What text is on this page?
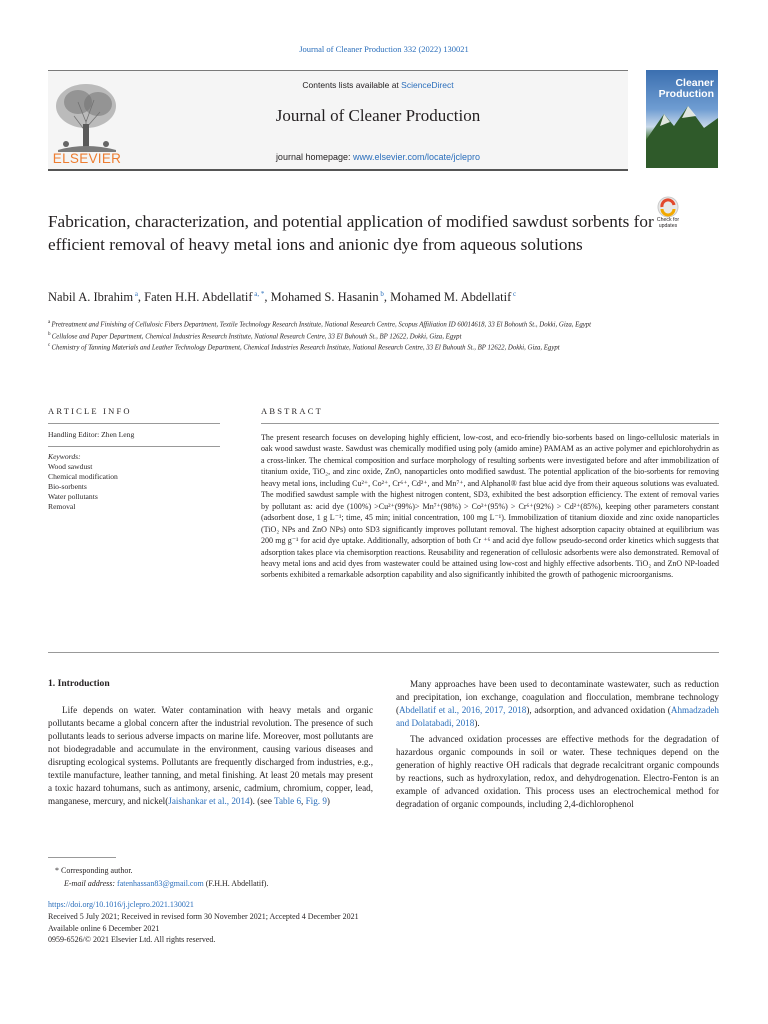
Journal of Cleaner Production 332 (2022) 130021
ELSEVIER
Contents lists available at ScienceDirect
Journal of Cleaner Production
journal homepage: www.elsevier.com/locate/jclepro
Cleaner
Production
Fabrication, characterization, and potential application of modified sawdust sorbents for efficient removal of heavy metal ions and anionic dye from aqueous solutions
Check for updates
Nabil A. Ibrahim $^a$, Faten H.H. Abdellatif $^{a, *}$, Mohamed S. Hasanin $^b$, Mohamed M. Abdellatif $^c$
$^a$ Pretreatment and Finishing of Cellulosic Fibers Department, Textile Technology Research Institute, National Research Centre, Scopus Affiliation ID 60014618, 33 El Bohouth St., Dokki, Giza, Egypt
$^b$ Cellulose and Paper Department, Chemical Industries Research Institute, National Research Centre, 33 El Buhouth St., BP 12622, Dokki, Giza, Egypt
$^c$ Chemistry of Tanning Materials and Leather Technology Department, Chemical Industries Research Institute, National Research Centre, 33 El Buhouth St., BP 12622, Dokki, Giza, Egypt
ARTICLE INFO
Handling Editor: Zhen Leng
Keywords:
Wood sawdust
Chemical modification
Bio-sorbents
Water pollutants
Removal
ABSTRACT
The present research focuses on developing highly efficient, low-cost, and eco-friendly bio-sorbents based on lingo-cellulosic materials in oak wood sawdust waste. Sawdust was chemically modified using poly (amido amine) PAMAM as an active polymer and epichlorohydrin as a cross-linker. The chemical composition and surface morphology of resulting sorbents were investigated before and after immobilization of titanium oxide, TiO₂, and zinc oxide, ZnO, nanoparticles onto modified sawdust. The potential application of the bio-sorbents for removing heavy metal ions, including Cu²⁺, Co²⁺, Cr⁶⁺, Cd²⁺, and Mn⁷⁺, and Alphanol® fast blue acid dye from their aqueous solutions was evaluated. The modified sawdust sample with the highest nitrogen content, SD3, exhibited the best adsorption efficiency. The extent of removal varies by pollutant as: acid dye (100%) >Cu²⁺(99%)> Mn⁷⁺(98%) > Co²⁺(95%) > Cr⁶⁺(92%) > Cd²⁺(85%), keeping other parameters constant (adsorbent dose, 1 g L⁻¹; time, 45 min; initial concentration, 100 mg L⁻¹). Immobilization of titanium dioxide and zinc oxide nanoparticles (TiO₂ NPs and ZnO NPs) onto SD3 significantly improves pollutant removal. The highest adsorption capacity obtained at equilibrium was 200 mg g⁻¹ for acid dye uptake. Additionally, adsorption of both Cr ⁺⁶ and acid dye follow pseudo-second order kinetics which suggests that adsorption takes place via chemisorption reactions. Reusability and regeneration of cellulosic adsorbents were also demonstrated. Removal of heavy metal ions and acid dyes from wastewater could be attained using low-cost and highly effective adsorbents. TiO₂ and ZnO NP-loaded sorbents exhibited a remarkable adsorption capability and also significantly inhibited the growth of pathogenic microorganisms.
1. Introduction

Life depends on water. Water contamination with heavy metals and organic pollutants became a global concern after the industrial revolution. The presence of such pollutants leads to serious adverse impacts on marine life. Moreover, most pollutants are not biodegradable and accumulate in the environment, causing various diseases and disrupting ecological systems. Pollutants are frequently discharged from industries, e.g., textile manufacture, leather tanning, and metal finishing. At least 20 metals may present a toxic hazard tohumans, such as antimony, arsenic, cadmium, chromium, copper, lead, manganese, mercury, and nickel(Jaishankar et al., 2014). (see Table 6, Fig. 9)

Many approaches have been used to decontaminate wastewater, such as reduction and precipitation, ion exchange, coagulation and flocculation, membrane technology (Abdellatif et al., 2016, 2017, 2018), adsorption, and advanced oxidation (Ahmadzadeh and Dolatabadi, 2018).

The advanced oxidation processes are effective methods for the degradation of hazardous organic compounds in soil or water. These techniques depend on the generation of highly reactive OH radicals that degrade recalcitrant organic compounds by reactions, such as hydroxylation, redox, and dehydrogenation. Electro-Fenton is an example of advanced oxidation. This process uses an electrochemical method for degradation of organic compounds, including 2,4-dichlorophenol

* Corresponding author.
E-mail address: fatenhassan83@gmail.com (F.H.H. Abdellatif).
https://doi.org/10.1016/j.jclepro.2021.130021
Received 5 July 2021; Received in revised form 30 November 2021; Accepted 4 December 2021
Available online 6 December 2021
0959-6526/© 2021 Elsevier Ltd. All rights reserved.
